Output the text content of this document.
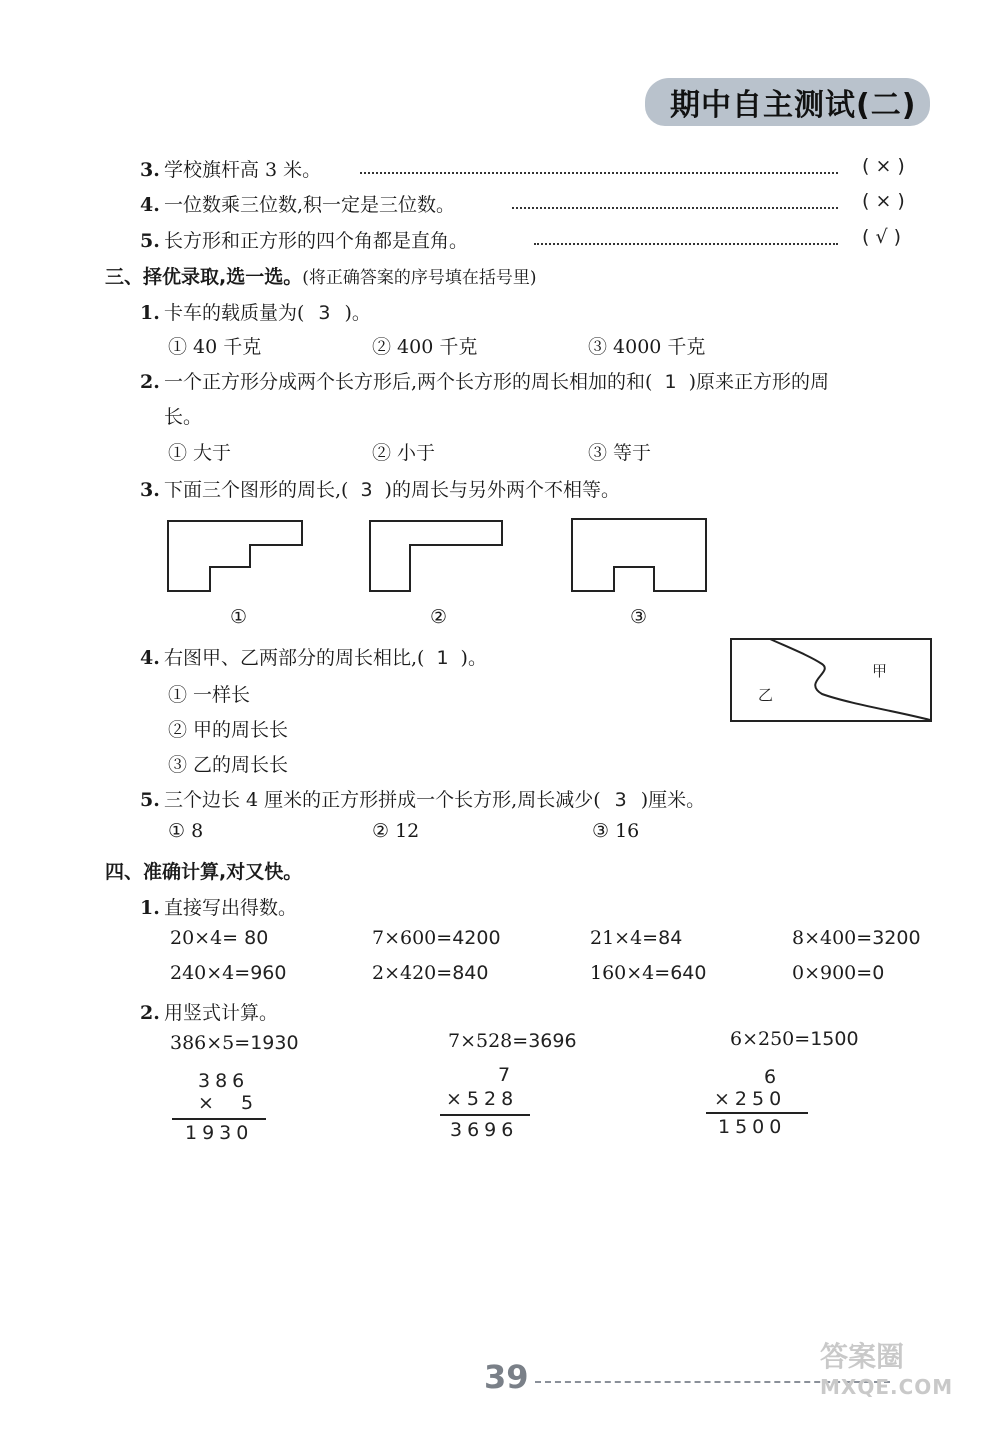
期中自主测试(二)
3. 学校旗杆高 3 米。	( × )
4. 一位数乘三位数,积一定是三位数。	( × )
5. 长方形和正方形的四个角都是直角。	( √ )
三、择优录取,选一选。(将正确答案的序号填在括号里)
1. 卡车的载质量为( 3 )。
① 40 千克	② 400 千克	③ 4000 千克
2. 一个正方形分成两个长方形后,两个长方形的周长相加的和( 1 )原来正方形的周
长。
① 大于	② 小于	③ 等于
3. 下面三个图形的周长,( 3 )的周长与另外两个不相等。
①	②	③
4. 右图甲、乙两部分的周长相比,( 1 )。
① 一样长
② 甲的周长长
③ 乙的周长长
甲
乙
5. 三个边长 4 厘米的正方形拼成一个长方形,周长减少( 3 )厘米。
① 8	② 12	③ 16
四、准确计算,对又快。
1. 直接写出得数。
20×4= 80	7×600=4200	21×4=84	8×400=3200
240×4=960	2×420=840	160×4=640	0×900=0
2. 用竖式计算。
386×5=1930
386
×  5
1930
7×528=3696
7
×528
3696
6×250=1500
6
×250
1500
39
答案圈
MXQE.COM
